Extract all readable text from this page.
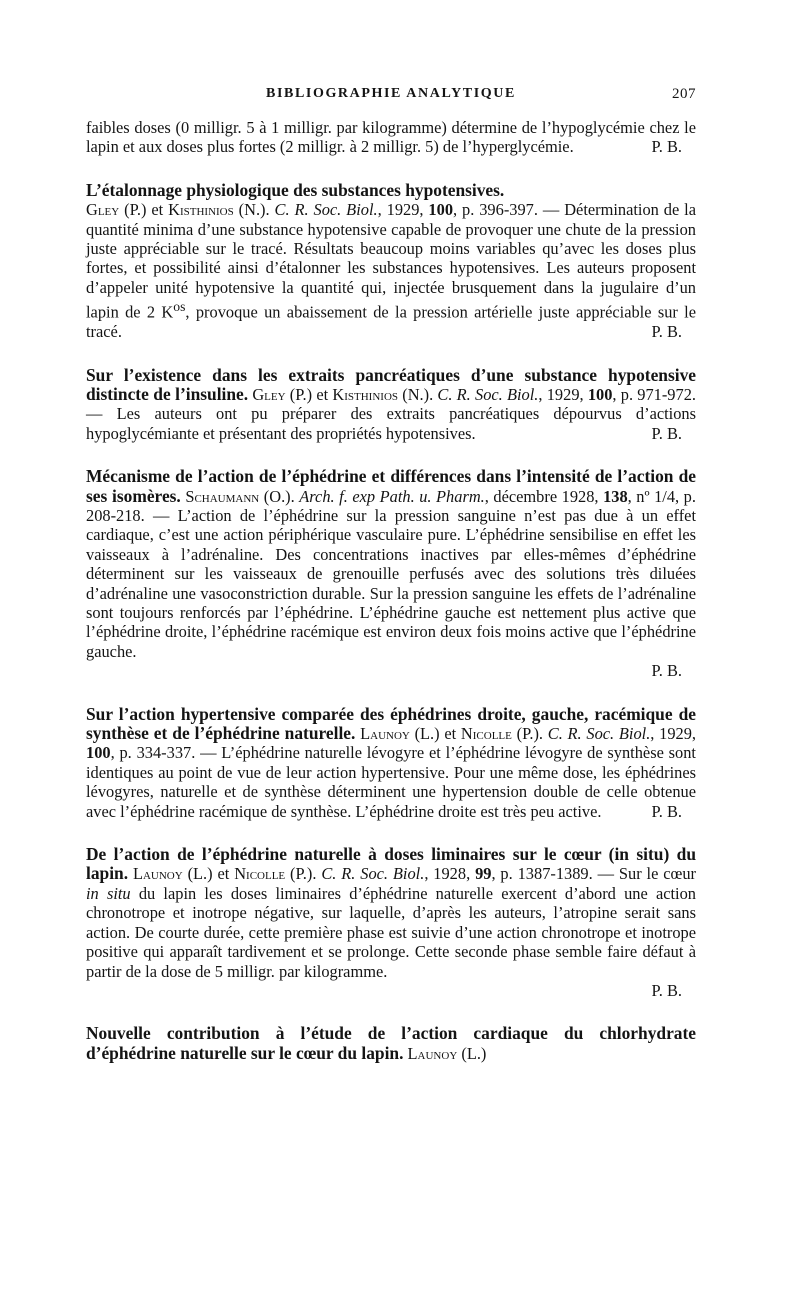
BIBLIOGRAPHIE ANALYTIQUE	207

faibles doses (0 milligr. 5 à 1 milligr. par kilogramme) détermine de l’hypoglycémie chez le lapin et aux doses plus fortes (2 milligr. à 2 milligr. 5) de l’hyperglycémie.	P. B.

L’étalonnage physiologique des substances hypotensives.
Gley (P.) et Kisthinios (N.). C. R. Soc. Biol., 1929, 100, p. 396-397. — Détermination de la quantité minima d’une substance hypotensive capable de provoquer une chute de la pression juste appréciable sur le tracé. Résultats beaucoup moins variables qu’avec les doses plus fortes, et possibilité ainsi d’étalonner les substances hypotensives. Les auteurs proposent d’appeler unité hypotensive la quantité qui, injectée brusquement dans la jugulaire d’un lapin de 2 $K^{os}$, provoque un abaissement de la pression artérielle juste appréciable sur le tracé.	P. B.

Sur l’existence dans les extraits pancréatiques d’une substance hypotensive distincte de l’insuline. Gley (P.) et Kisthinios (N.). C. R. Soc. Biol., 1929, 100, p. 971-972. — Les auteurs ont pu préparer des extraits pancréatiques dépourvus d’actions hypoglycémiante et présentant des propriétés hypotensives.	P. B.

Mécanisme de l’action de l’éphédrine et différences dans l’intensité de l’action de ses isomères. Schaumann (O.). Arch. f. exp Path. u. Pharm., décembre 1928, 138, nº 1/4, p. 208-218. — L’action de l’éphédrine sur la pression sanguine n’est pas due à un effet cardiaque, c’est une action périphérique vasculaire pure. L’éphédrine sensibilise en effet les vaisseaux à l’adrénaline. Des concentrations inactives par elles-mêmes d’éphédrine déterminent sur les vaisseaux de grenouille perfusés avec des solutions très diluées d’adrénaline une vasoconstriction durable. Sur la pression sanguine les effets de l’adrénaline sont toujours renforcés par l’éphédrine. L’éphédrine gauche est nettement plus active que l’éphédrine droite, l’éphédrine racémique est environ deux fois moins active que l’éphédrine gauche.

P. B.

Sur l’action hypertensive comparée des éphédrines droite, gauche, racémique de synthèse et de l’éphédrine naturelle. Launoy (L.) et Nicolle (P.). C. R. Soc. Biol., 1929, 100, p. 334-337. — L’éphédrine naturelle lévogyre et l’éphédrine lévogyre de synthèse sont identiques au point de vue de leur action hypertensive. Pour une même dose, les éphédrines lévogyres, naturelle et de synthèse déterminent une hypertension double de celle obtenue avec l’éphédrine racémique de synthèse. L’éphédrine droite est très peu active.	P. B.

De l’action de l’éphédrine naturelle à doses liminaires sur le cœur (in situ) du lapin. Launoy (L.) et Nicolle (P.). C. R. Soc. Biol., 1928, 99, p. 1387-1389. — Sur le cœur in situ du lapin les doses liminaires d’éphédrine naturelle exercent d’abord une action chronotrope et inotrope négative, sur laquelle, d’après les auteurs, l’atropine serait sans action. De courte durée, cette première phase est suivie d’une action chronotrope et inotrope positive qui apparaît tardivement et se prolonge. Cette seconde phase semble faire défaut à partir de la dose de 5 milligr. par kilogramme.

P. B.

Nouvelle contribution à l’étude de l’action cardiaque du chlorhydrate d’éphédrine naturelle sur le cœur du lapin. Launoy (L.)
